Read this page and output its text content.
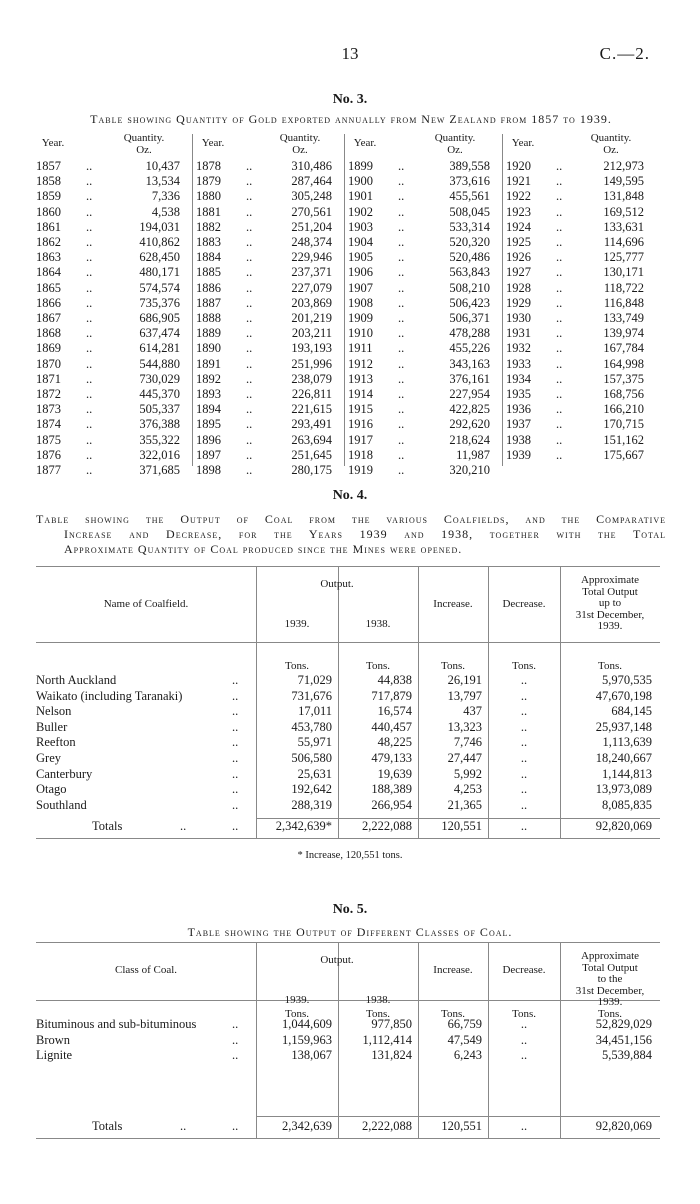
13	C.—2.
No. 3.
Table showing Quantity of Gold exported annually from New Zealand from 1857 to 1939.
Year.	Quantity.
Oz.
1857 ..	10,437
1858 ..	13,534
1859 ..	7,336
1860 ..	4,538
1861 ..	194,031
1862 ..	410,862
1863 ..	628,450
1864 ..	480,171
1865 ..	574,574
1866 ..	735,376
1867 ..	686,905
1868 ..	637,474
1869 ..	614,281
1870 ..	544,880
1871 ..	730,029
1872 ..	445,370
1873 ..	505,337
1874 ..	376,388
1875 ..	355,322
1876 ..	322,016
1877 ..	371,685
Year.	Quantity.
Oz.
1878 ..	310,486
1879 ..	287,464
1880 ..	305,248
1881 ..	270,561
1882 ..	251,204
1883 ..	248,374
1884 ..	229,946
1885 ..	237,371
1886 ..	227,079
1887 ..	203,869
1888 ..	201,219
1889 ..	203,211
1890 ..	193,193
1891 ..	251,996
1892 ..	238,079
1893 ..	226,811
1894 ..	221,615
1895 ..	293,491
1896 ..	263,694
1897 ..	251,645
1898 ..	280,175
Year.	Quantity.
Oz.
1899 ..	389,558
1900 ..	373,616
1901 ..	455,561
1902 ..	508,045
1903 ..	533,314
1904 ..	520,320
1905 ..	520,486
1906 ..	563,843
1907 ..	508,210
1908 ..	506,423
1909 ..	506,371
1910 ..	478,288
1911 ..	455,226
1912 ..	343,163
1913 ..	376,161
1914 ..	227,954
1915 ..	422,825
1916 ..	292,620
1917 ..	218,624
1918 ..	11,987
1919 ..	320,210
Year.	Quantity.
Oz.
1920 ..	212,973
1921 ..	149,595
1922 ..	131,848
1923 ..	169,512
1924 ..	133,631
1925 ..	114,696
1926 ..	125,777
1927 ..	130,171
1928 ..	118,722
1929 ..	116,848
1930 ..	133,749
1931 ..	139,974
1932 ..	167,784
1933 ..	164,998
1934 ..	157,375
1935 ..	168,756
1936 ..	166,210
1937 ..	170,715
1938 ..	151,162
1939 ..	175,667
No. 4.
Table showing the Output of Coal from the various Coalfields, and the Comparative
Increase and Decrease, for the Years 1939 and 1938, together with the Total
Approximate Quantity of Coal produced since the Mines were opened.
Name of Coalfield.
Output.
1939.	1938.
Increase.	Decrease.
Approximate
Total Output
up to
31st December,
1939.
Tons.	Tons.	Tons.	Tons.	Tons.
North Auckland	..	71,029	44,838	26,191	..	5,970,535
Waikato (including Taranaki)	..	731,676	717,879	13,797	..	47,670,198
Nelson	..	17,011	16,574	437	..	684,145
Buller	..	453,780	440,457	13,323	..	25,937,148
Reefton	..	55,971	48,225	7,746	..	1,113,639
Grey	..	506,580	479,133	27,447	..	18,240,667
Canterbury	..	25,631	19,639	5,992	..	1,144,813
Otago	..	192,642	188,389	4,253	..	13,973,089
Southland	..	288,319	266,954	21,365	..	8,085,835
Totals	..	..	2,342,639*	2,222,088	120,551	..	92,820,069
* Increase, 120,551 tons.
No. 5.
Table showing the Output of Different Classes of Coal.
Class of Coal.
Output.
1939.	1938.
Increase.	Decrease.
Approximate
Total Output
to the
31st December,
1939.
Tons.	Tons.	Tons.	Tons.	Tons.
Bituminous and sub-bituminous	..	1,044,609	977,850	66,759	..	52,829,029
Brown	..	1,159,963	1,112,414	47,549	..	34,451,156
Lignite	..	138,067	131,824	6,243	..	5,539,884
Totals	..	..	2,342,639	2,222,088	120,551	..	92,820,069
